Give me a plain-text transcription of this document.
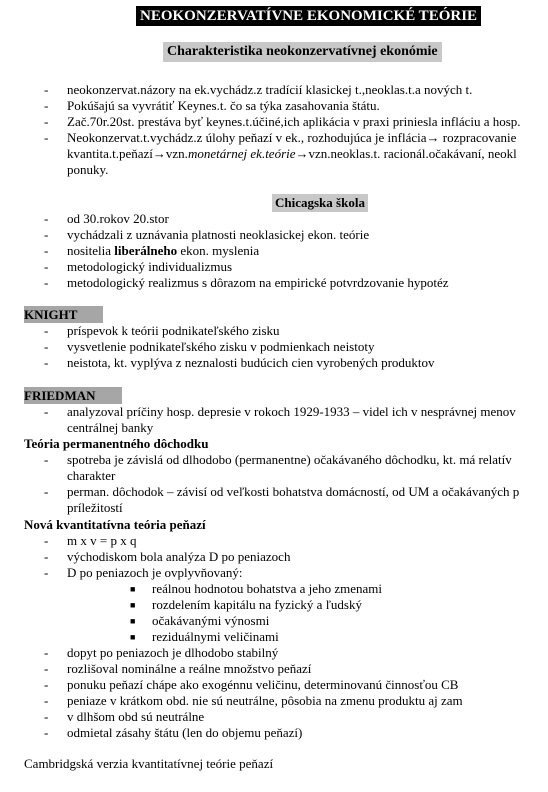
NEOKONZERVATÍVNE EKONOMICKÉ TEÓRIE
Charakteristika neokonzervatívnej ekonómie
- neokonzervat.názory na ek.vychádz.z tradícií klasickej t.,neoklas.t.a nových t.
- Pokúšajú sa vyvrátiť Keynes.t. čo sa týka zasahovania štátu.
- Zač.70r.20st. prestáva byť keynes.t.účiné,ich aplikácia v praxi priniesla infláciu a hosp.
- Neokonzervat.t.vychádz.z úlohy peňazí v ek., rozhodujúca je inflácia→ rozpracovanie
kvantita.t.peňazí→vzn.monetárnej ek.teórie→vzn.neoklas.t. racionál.očakávaní, neokl
ponuky.
Chicagska škola
- od 30.rokov 20.stor
- vychádzali z uznávania platnosti neoklasickej ekon. teórie
- nositelia liberálneho ekon. myslenia
- metodologický individualizmus
- metodologický realizmus s dôrazom na empirické potvrdzovanie hypotéz
KNIGHT
- príspevok k teórii podnikateľského zisku
- vysvetlenie podnikateľského zisku v podmienkach neistoty
- neistota, kt. vyplýva z neznalosti budúcich cien vyrobených produktov
FRIEDMAN
- analyzoval príčiny hosp. depresie v rokoch 1929-1933 – videl ich v nesprávnej menov
centrálnej banky
Teória permanentného dôchodku
- spotreba je závislá od dlhodobo (permanentne) očakávaného dôchodku, kt. má relatív
charakter
- perman. dôchodok – závisí od veľkosti bohatstva domácností, od UM a očakávaných p
príležitostí
Nová kvantitatívna teória peňazí
- m x v = p x q
- východiskom bola analýza D po peniazoch
- D po peniazoch je ovplyvňovaný:
■ reálnou hodnotou bohatstva a jeho zmenami
■ rozdelením kapitálu na fyzický a ľudský
■ očakávanými výnosmi
■ reziduálnymi veličinami
- dopyt po peniazoch je dlhodobo stabilný
- rozlišoval nominálne a reálne množstvo peňazí
- ponuku peňazí chápe ako exogénnu veličinu, determinovanú činnosťou CB
- peniaze v krátkom obd. nie sú neutrálne, pôsobia na zmenu produktu aj zam
- v dlhšom obd sú neutrálne
- odmietal zásahy štátu (len do objemu peňazí)
Cambridgská verzia kvantitatívnej teórie peňazí
